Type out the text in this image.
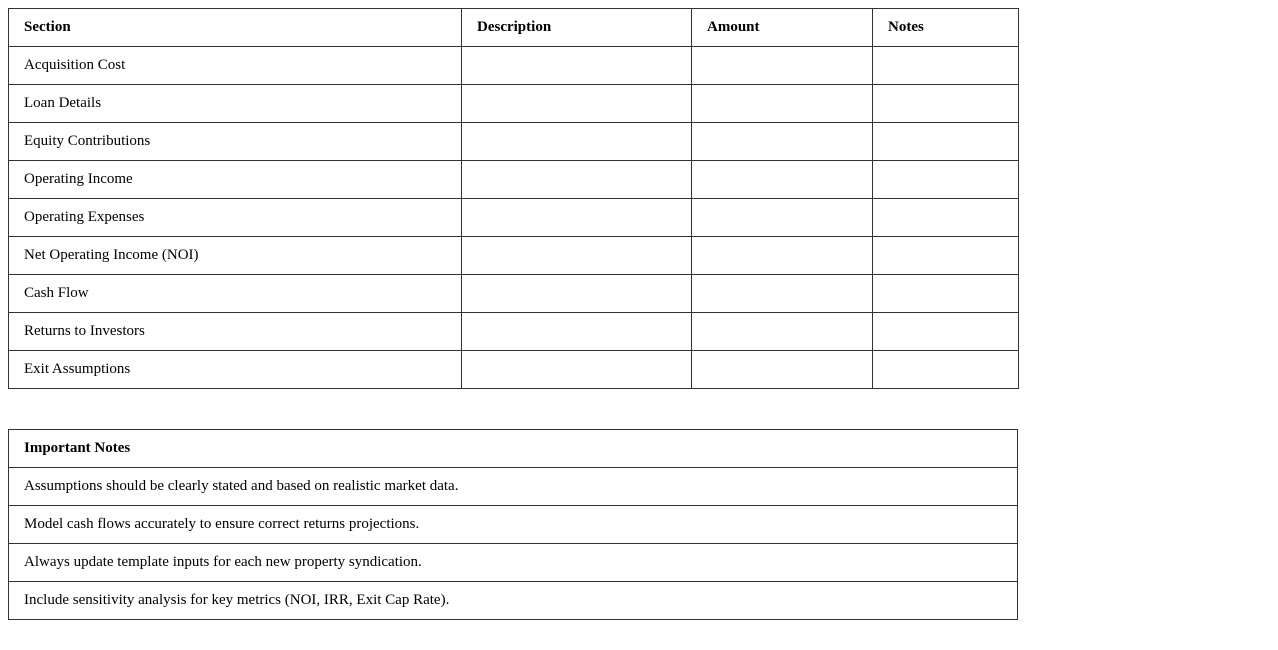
Section	Description	Amount	Notes
Acquisition Cost			
Loan Details			
Equity Contributions			
Operating Income			
Operating Expenses			
Net Operating Income (NOI)			
Cash Flow			
Returns to Investors			
Exit Assumptions			
Important Notes
Assumptions should be clearly stated and based on realistic market data.
Model cash flows accurately to ensure correct returns projections.
Always update template inputs for each new property syndication.
Include sensitivity analysis for key metrics (NOI, IRR, Exit Cap Rate).
